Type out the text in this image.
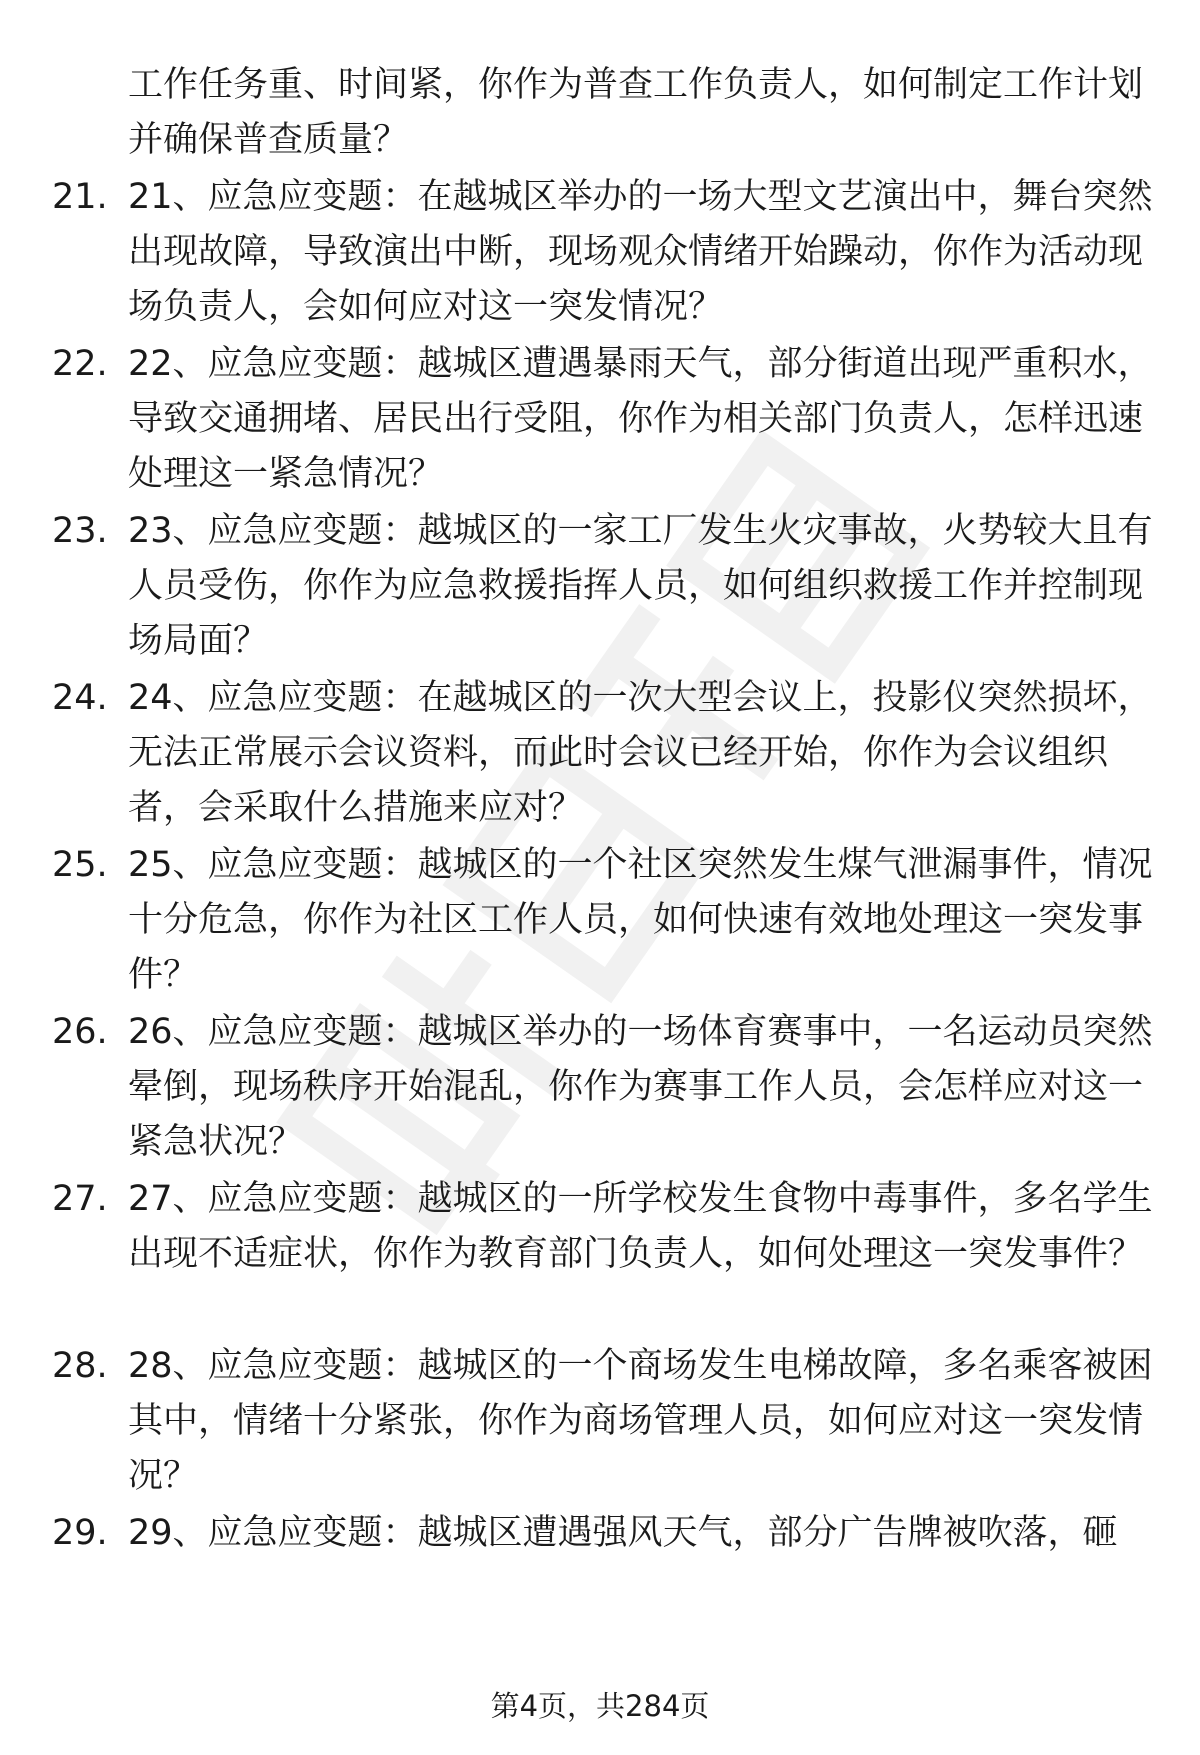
工作任务重、时间紧，你作为普查工作负责人，如何制定工作计划并确保普查质量？

21. 21、应急应变题：在越城区举办的一场大型文艺演出中，舞台突然出现故障，导致演出中断，现场观众情绪开始躁动，你作为活动现场负责人，会如何应对这一突发情况？

22. 22、应急应变题：越城区遭遇暴雨天气，部分街道出现严重积水，导致交通拥堵、居民出行受阻，你作为相关部门负责人，怎样迅速处理这一紧急情况？

23. 23、应急应变题：越城区的一家工厂发生火灾事故，火势较大且有人员受伤，你作为应急救援指挥人员，如何组织救援工作并控制现场局面？

24. 24、应急应变题：在越城区的一次大型会议上，投影仪突然损坏，无法正常展示会议资料，而此时会议已经开始，你作为会议组织者，会采取什么措施来应对？

25. 25、应急应变题：越城区的一个社区突然发生煤气泄漏事件，情况十分危急，你作为社区工作人员，如何快速有效地处理这一突发事件？

26. 26、应急应变题：越城区举办的一场体育赛事中，一名运动员突然晕倒，现场秩序开始混乱，你作为赛事工作人员，会怎样应对这一紧急状况？

27. 27、应急应变题：越城区的一所学校发生食物中毒事件，多名学生出现不适症状，你作为教育部门负责人，如何处理这一突发事件？

28. 28、应急应变题：越城区的一个商场发生电梯故障，多名乘客被困其中，情绪十分紧张，你作为商场管理人员，如何应对这一突发情况？

29. 29、应急应变题：越城区遭遇强风天气，部分广告牌被吹落，砸

第4页，共284页
